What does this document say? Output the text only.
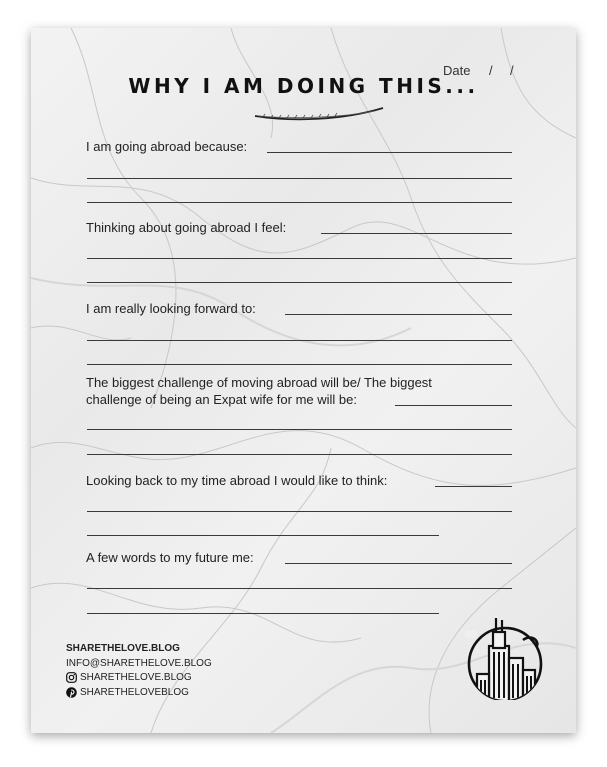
Date / /
WHY I AM DOING THIS...
I am going abroad because:
Thinking about going abroad I feel:
I am really looking forward to:
The biggest challenge of moving abroad will be/ The biggest
challenge of being an Expat wife for me will be:
Looking back to my time abroad I would like to think:
A few words to my future me:
SHARETHELOVE.BLOG
INFO@SHARETHELOVE.BLOG
SHARETHELOVE.BLOG
SHARETHELOVEBLOG
